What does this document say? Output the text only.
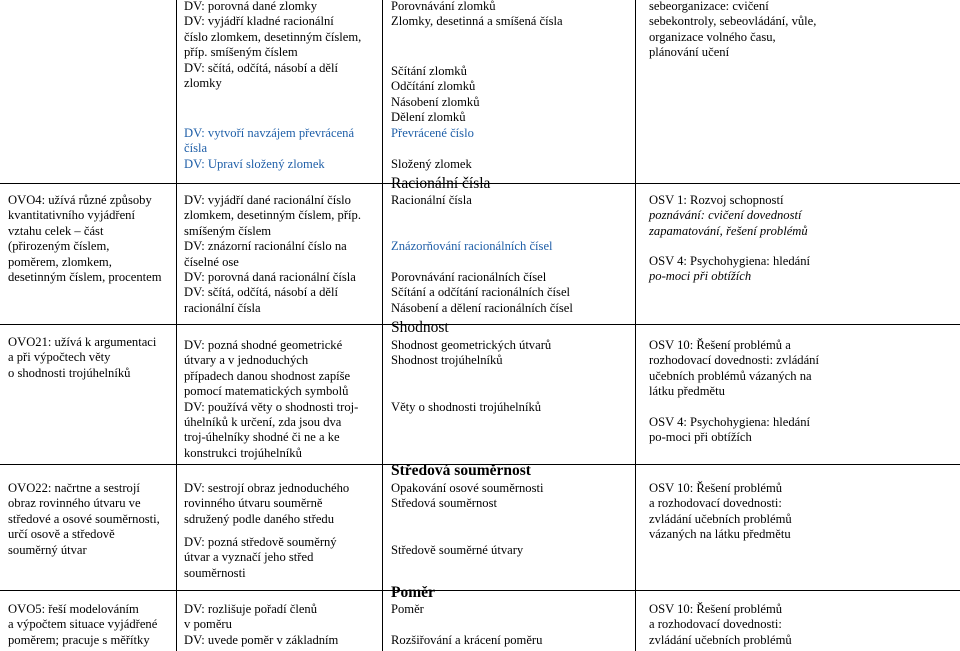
OVO4: užívá různé způsoby
kvantitativního vyjádření
vztahu celek – část
(přirozeným číslem,
poměrem, zlomkem,
desetinným číslem, procentem
OVO21: užívá k argumentaci
a při výpočtech věty
o shodnosti trojúhelníků
OVO22: načrtne a sestrojí
obraz rovinného útvaru ve
středové a osové souměrnosti,
určí osově a středově
souměrný útvar
OVO5: řeší modelováním
a výpočtem situace vyjádřené
poměrem; pracuje s měřítky
DV: porovná dané zlomky
DV: vyjádří kladné racionální
číslo zlomkem, desetinným číslem,
příp. smíšeným číslem
DV: sčítá, odčítá, násobí a dělí
zlomky
DV: vytvoří navzájem převrácená
čísla
DV: Upraví složený zlomek
DV: vyjádří dané racionální číslo
zlomkem, desetinným číslem, příp.
smíšeným číslem
DV: znázorní racionální číslo na
číselné ose
DV: porovná daná racionální čísla
DV: sčítá, odčítá, násobí a dělí
racionální čísla
DV: pozná shodné geometrické
útvary a v jednoduchých
případech danou shodnost zapíše
pomocí matematických symbolů
DV: používá věty o shodnosti troj-
úhelníků k určení, zda jsou dva
troj-úhelníky shodné či ne a ke
konstrukci trojúhelníků
DV: sestrojí obraz jednoduchého
rovinného útvaru souměrně
sdružený podle daného středu
DV: pozná středově souměrný
útvar a vyznačí jeho střed
souměrnosti
DV: rozlišuje pořadí členů
v poměru
DV: uvede poměr v základním
Porovnávání zlomků
Zlomky, desetinná a smíšená čísla
Sčítání zlomků
Odčítání zlomků
Násobení zlomků
Dělení zlomků
Převrácené číslo
Složený zlomek
Racionální čísla
Racionální čísla
Znázorňování racionálních čísel
Porovnávání racionálních čísel
Sčítání a odčítání racionálních čísel
Násobení a dělení racionálních čísel
Shodnost
Shodnost geometrických útvarů
Shodnost trojúhelníků
Věty o shodnosti trojúhelníků
Středová souměrnost
Opakování osové souměrnosti
Středová souměrnost
Středově souměrné útvary
Poměr
Poměr
Rozšiřování a krácení poměru
sebeorganizace: cvičení
sebekontroly, sebeovládání, vůle,
organizace volného času,
plánování učení
OSV 1: Rozvoj schopností
poznávání: cvičení dovedností
zapamatování, řešení problémů
OSV 4: Psychohygiena: hledání
po-moci při obtížích
OSV 10: Řešení problémů a
rozhodovací dovednosti: zvládání
učebních problémů vázaných na
látku předmětu
OSV 4: Psychohygiena: hledání
po-moci při obtížích
OSV 10: Řešení problémů
a rozhodovací dovednosti:
zvládání učebních problémů
vázaných na látku předmětu
OSV 10: Řešení problémů
a rozhodovací dovednosti:
zvládání učebních problémů
